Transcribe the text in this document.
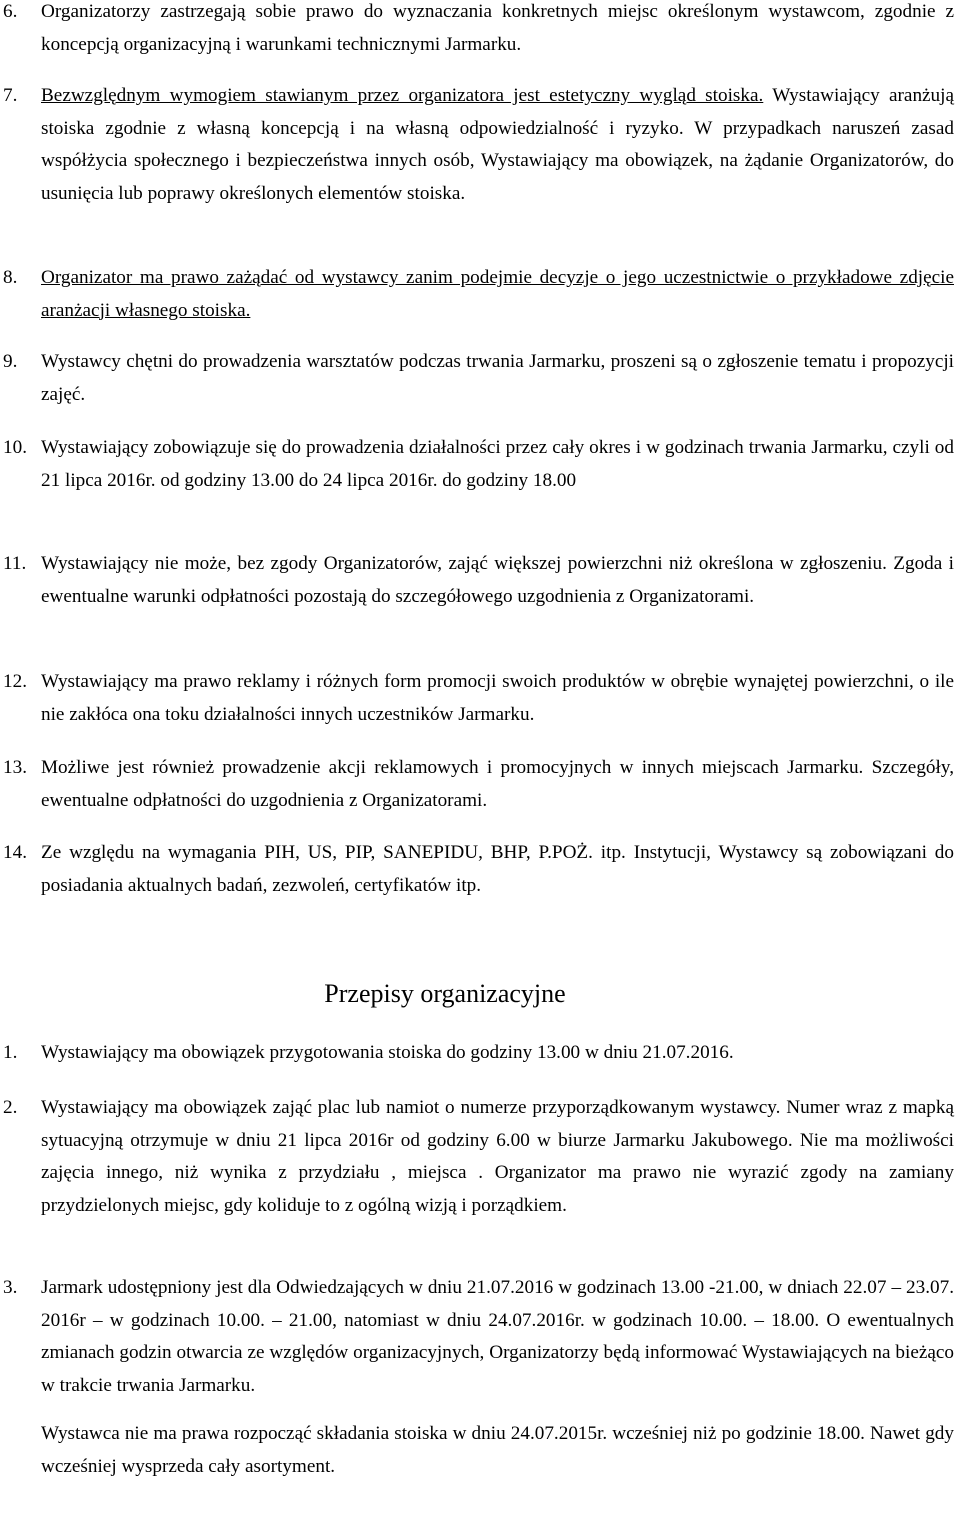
6. Organizatorzy zastrzegają sobie prawo do wyznaczania konkretnych miejsc określonym wystawcom, zgodnie z koncepcją organizacyjną i warunkami technicznymi Jarmarku.
7. Bezwzględnym wymogiem stawianym przez organizatora jest estetyczny wygląd stoiska. Wystawiający aranżują stoiska zgodnie z własną koncepcją i na własną odpowiedzialność i ryzyko. W przypadkach naruszeń zasad współżycia społecznego i bezpieczeństwa innych osób, Wystawiający ma obowiązek, na żądanie Organizatorów, do usunięcia lub poprawy określonych elementów stoiska.
8. Organizator ma prawo zażądać od wystawcy zanim podejmie decyzje o jego uczestnictwie o przykładowe zdjęcie aranżacji własnego stoiska.
9. Wystawcy chętni do prowadzenia warsztatów podczas trwania Jarmarku, proszeni są o zgłoszenie tematu i propozycji zajęć.
10. Wystawiający zobowiązuje się do prowadzenia działalności przez cały okres i w godzinach trwania Jarmarku, czyli od 21 lipca 2016r. od godziny 13.00 do 24 lipca 2016r. do godziny 18.00
11. Wystawiający nie może, bez zgody Organizatorów, zająć większej powierzchni niż określona w zgłoszeniu. Zgoda i ewentualne warunki odpłatności pozostają do szczegółowego uzgodnienia z Organizatorami.
12. Wystawiający ma prawo reklamy i różnych form promocji swoich produktów w obrębie wynajętej powierzchni, o ile nie zakłóca ona toku działalności innych uczestników Jarmarku.
13. Możliwe jest również prowadzenie akcji reklamowych i promocyjnych w innych miejscach Jarmarku. Szczegóły, ewentualne odpłatności do uzgodnienia z Organizatorami.
14. Ze względu na wymagania PIH, US, PIP, SANEPIDU, BHP, P.POŻ. itp. Instytucji, Wystawcy są zobowiązani do posiadania aktualnych badań, zezwoleń, certyfikatów itp.
Przepisy organizacyjne
1. Wystawiający ma obowiązek przygotowania stoiska do godziny 13.00 w dniu 21.07.2016.
2. Wystawiający ma obowiązek zająć plac lub namiot o numerze przyporządkowanym wystawcy. Numer wraz z mapką sytuacyjną otrzymuje w dniu 21 lipca 2016r od godziny 6.00 w biurze Jarmarku Jakubowego. Nie ma możliwości zajęcia innego, niż wynika z przydziału , miejsca . Organizator ma prawo nie wyrazić zgody na zamiany przydzielonych miejsc, gdy koliduje to z ogólną wizją i porządkiem.
3. Jarmark udostępniony jest dla Odwiedzających w dniu 21.07.2016 w godzinach 13.00 -21.00, w dniach 22.07 – 23.07. 2016r – w godzinach 10.00. – 21.00, natomiast w dniu 24.07.2016r. w godzinach 10.00. – 18.00. O ewentualnych zmianach godzin otwarcia ze względów organizacyjnych, Organizatorzy będą informować Wystawiających na bieżąco w trakcie trwania Jarmarku.

Wystawca nie ma prawa rozpocząć składania stoiska w dniu 24.07.2015r. wcześniej niż po godzinie 18.00. Nawet gdy wcześniej wysprzeda cały asortyment.
